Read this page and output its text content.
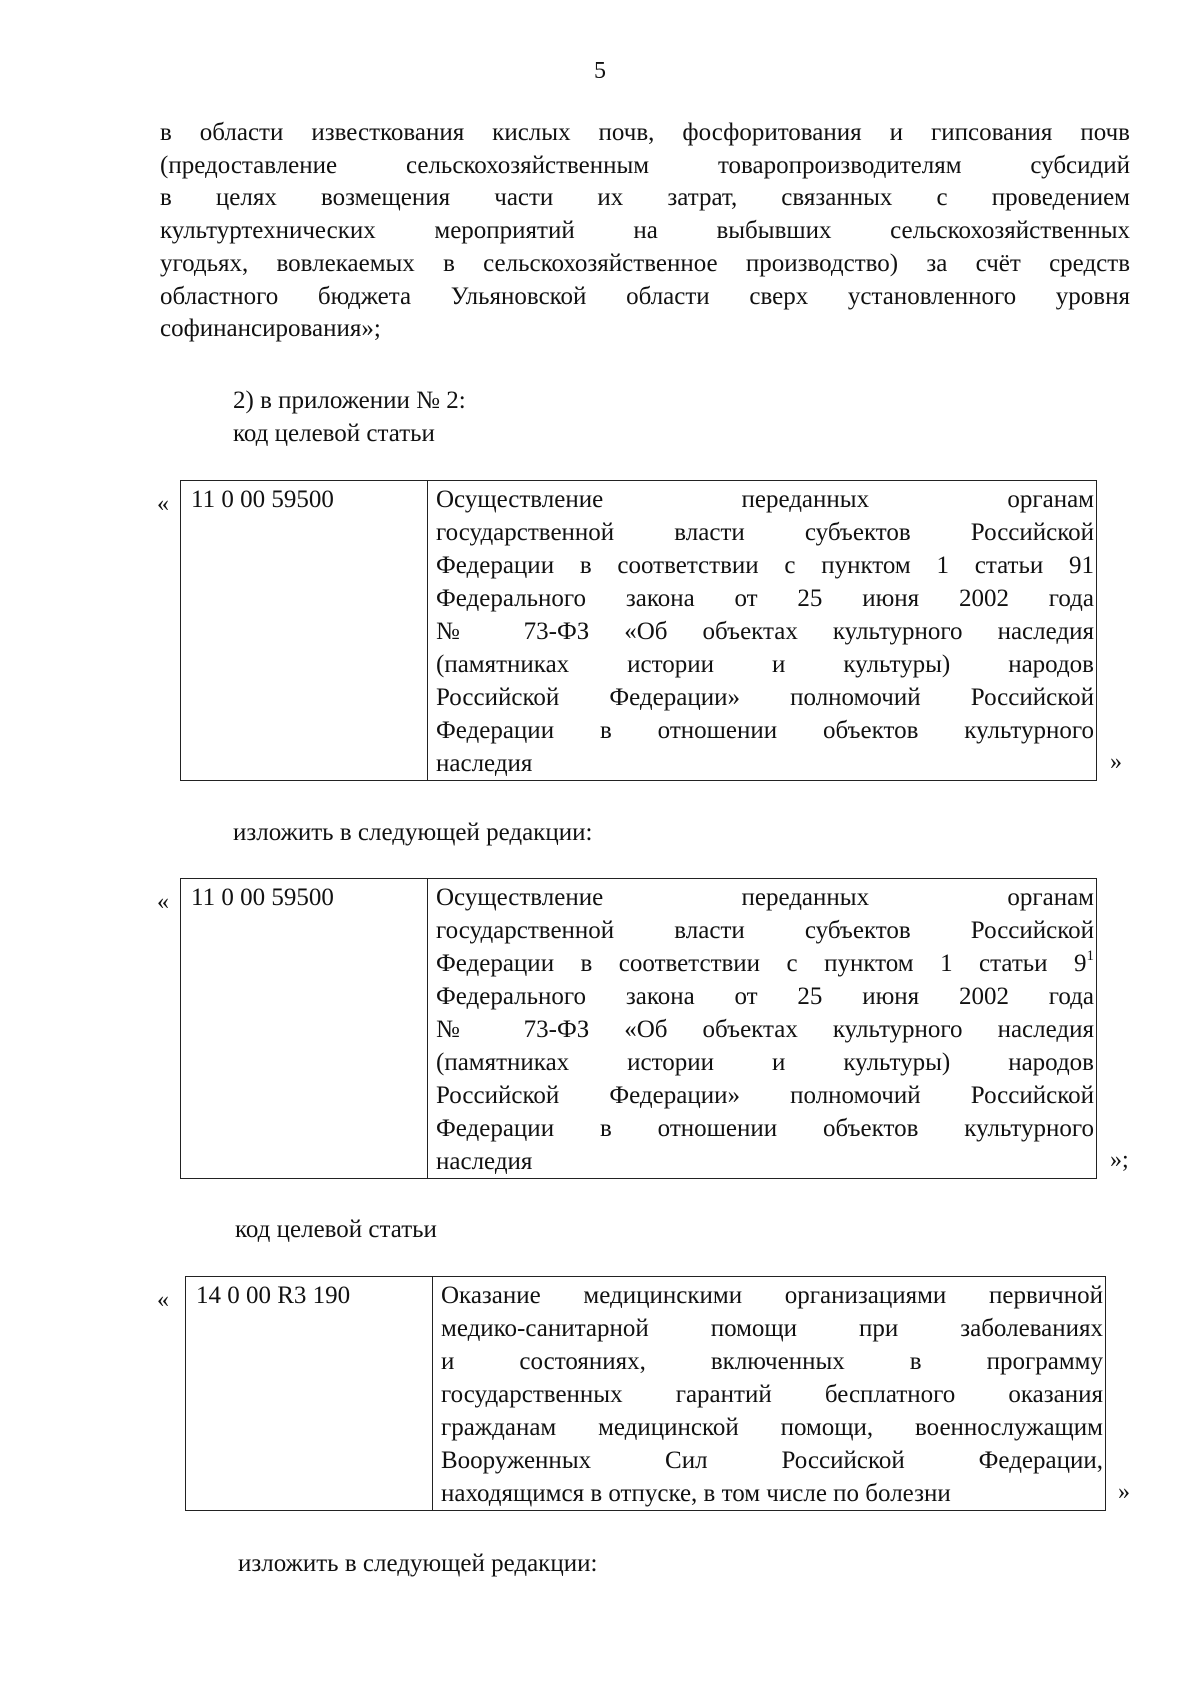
5
в области известкования кислых почв, фосфоритования и гипсования почв
(предоставление сельскохозяйственным товаропроизводителям субсидий
в целях возмещения части их затрат, связанных с проведением
культуртехнических мероприятий на выбывших сельскохозяйственных
угодьях, вовлекаемых в сельскохозяйственное производство) за счёт средств
областного бюджета Ульяновской области сверх установленного уровня
софинансирования»;
2) в приложении № 2:
код целевой статьи
« 11 0 00 59500	Осуществление переданных органам
государственной власти субъектов Российской
Федерации в соответствии с пунктом 1 статьи 91
Федерального закона от 25 июня 2002 года
№ 73-ФЗ «Об объектах культурного наследия
(памятниках истории и культуры) народов
Российской Федерации» полномочий Российской
Федерации в отношении объектов культурного
наследия	»
изложить в следующей редакции:
« 11 0 00 59500	Осуществление переданных органам
государственной власти субъектов Российской
Федерации в соответствии с пунктом 1 статьи $9^1$
Федерального закона от 25 июня 2002 года
№ 73-ФЗ «Об объектах культурного наследия
(памятниках истории и культуры) народов
Российской Федерации» полномочий Российской
Федерации в отношении объектов культурного
наследия	»;
код целевой статьи
« 14 0 00 R3 190	Оказание медицинскими организациями первичной
медико-санитарной помощи при заболеваниях
и состояниях, включенных в программу
государственных гарантий бесплатного оказания
гражданам медицинской помощи, военнослужащим
Вооруженных Сил Российской Федерации,
находящимся в отпуске, в том числе по болезни	»
изложить в следующей редакции:
